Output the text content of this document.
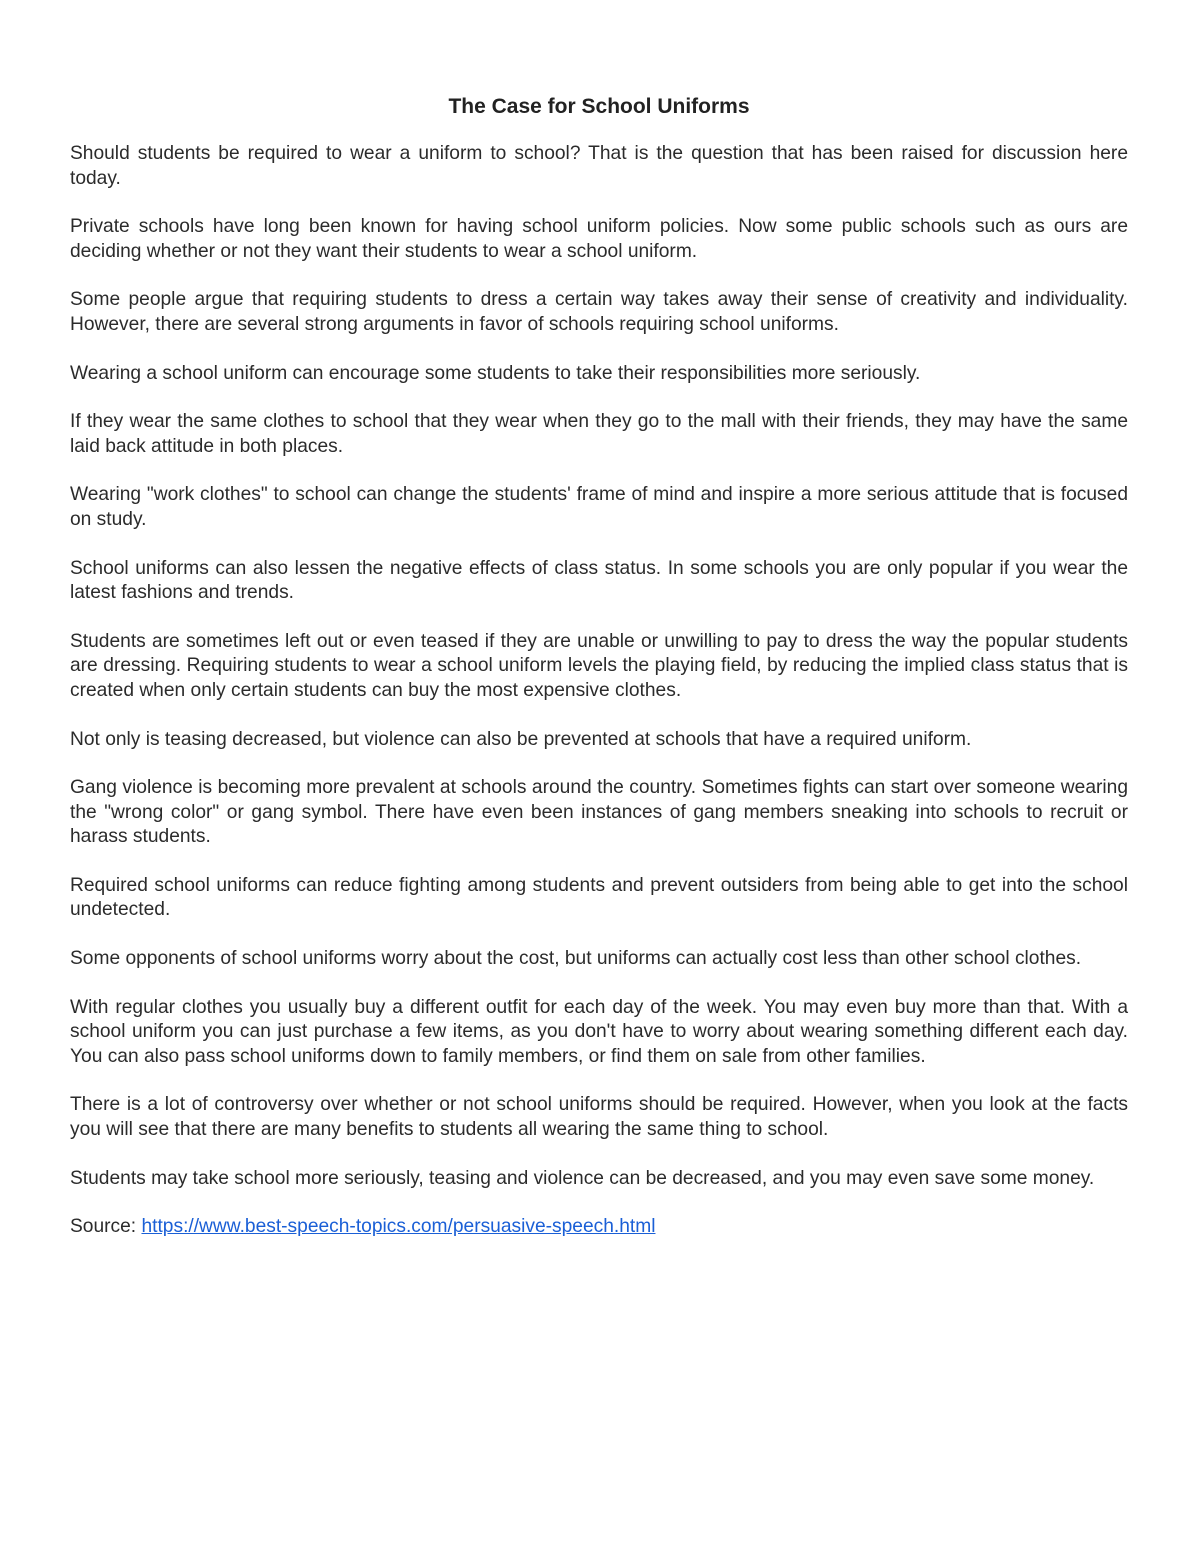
The Case for School Uniforms

Should students be required to wear a uniform to school? That is the question that has been raised for discussion here today.

Private schools have long been known for having school uniform policies. Now some public schools such as ours are deciding whether or not they want their students to wear a school uniform.

Some people argue that requiring students to dress a certain way takes away their sense of creativity and individuality. However, there are several strong arguments in favor of schools requiring school uniforms.

Wearing a school uniform can encourage some students to take their responsibilities more seriously.

If they wear the same clothes to school that they wear when they go to the mall with their friends, they may have the same laid back attitude in both places.

Wearing "work clothes" to school can change the students' frame of mind and inspire a more serious attitude that is focused on study.

School uniforms can also lessen the negative effects of class status. In some schools you are only popular if you wear the latest fashions and trends.

Students are sometimes left out or even teased if they are unable or unwilling to pay to dress the way the popular students are dressing. Requiring students to wear a school uniform levels the playing field, by reducing the implied class status that is created when only certain students can buy the most expensive clothes.

Not only is teasing decreased, but violence can also be prevented at schools that have a required uniform.

Gang violence is becoming more prevalent at schools around the country. Sometimes fights can start over someone wearing the "wrong color" or gang symbol. There have even been instances of gang members sneaking into schools to recruit or harass students.

Required school uniforms can reduce fighting among students and prevent outsiders from being able to get into the school undetected.

Some opponents of school uniforms worry about the cost, but uniforms can actually cost less than other school clothes.

With regular clothes you usually buy a different outfit for each day of the week. You may even buy more than that. With a school uniform you can just purchase a few items, as you don't have to worry about wearing something different each day. You can also pass school uniforms down to family members, or find them on sale from other families.

There is a lot of controversy over whether or not school uniforms should be required. However, when you look at the facts you will see that there are many benefits to students all wearing the same thing to school.

Students may take school more seriously, teasing and violence can be decreased, and you may even save some money.

Source: https://www.best-speech-topics.com/persuasive-speech.html
